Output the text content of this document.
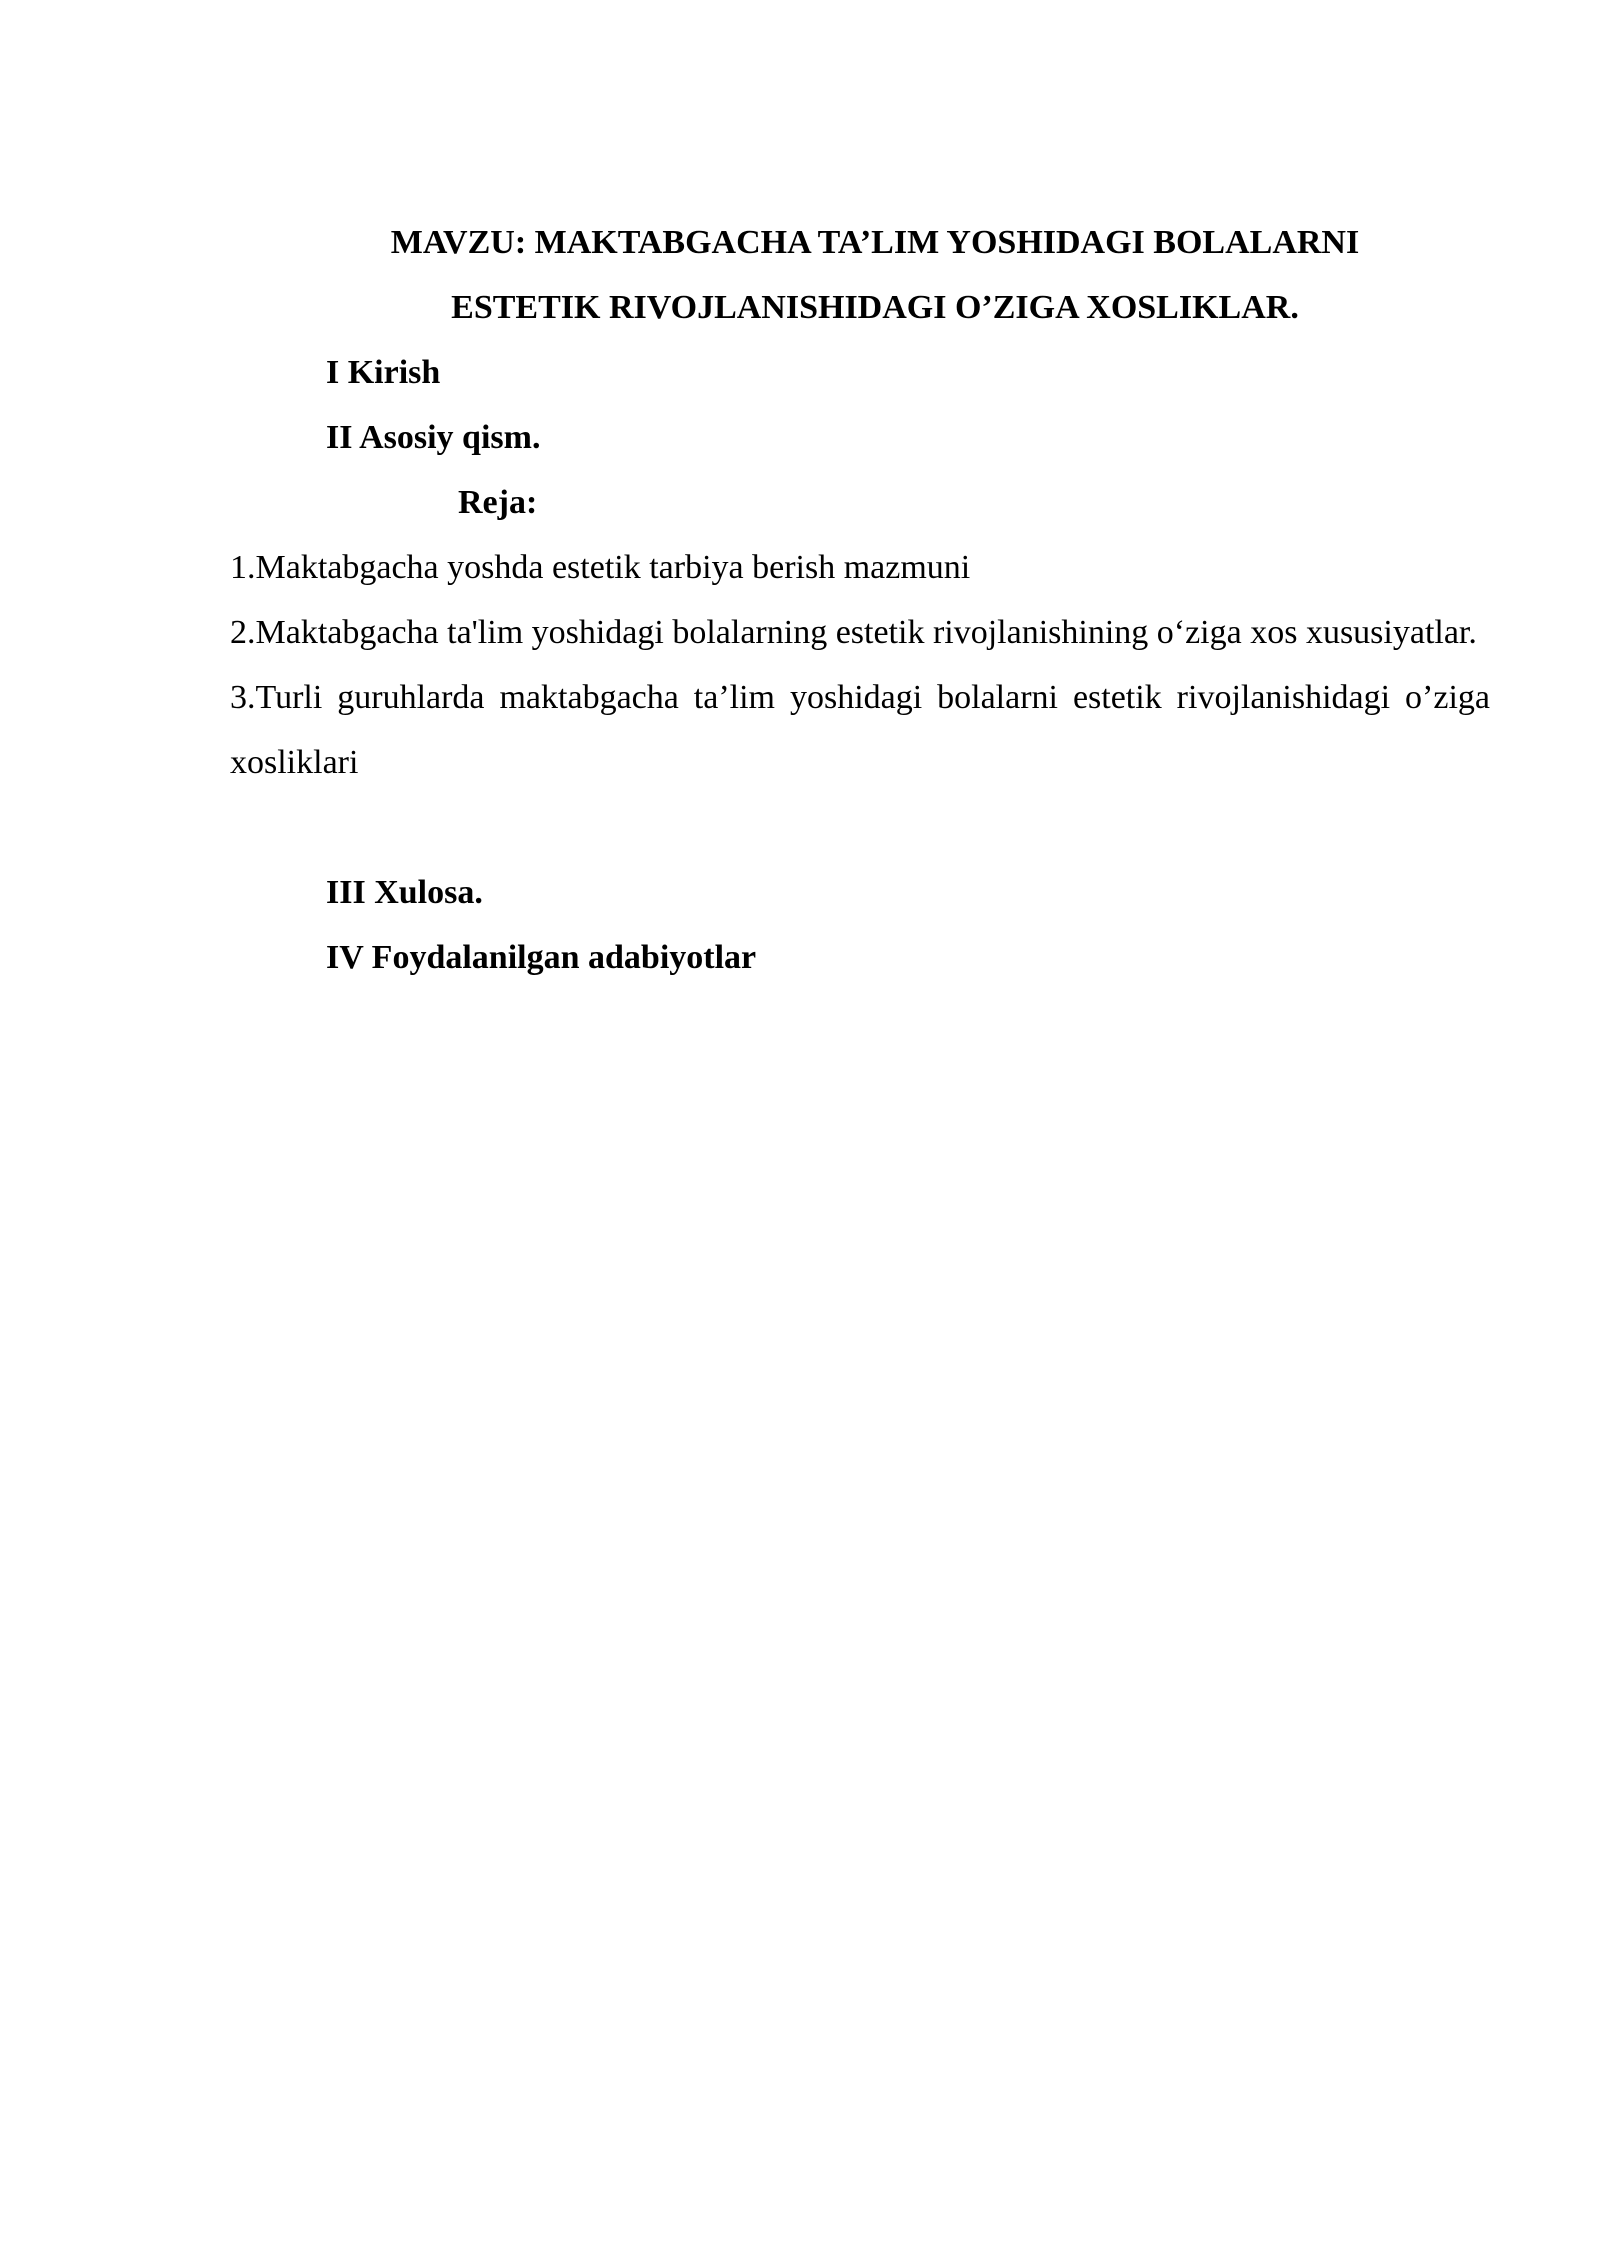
MAVZU: MAKTABGACHA TA’LIM YOSHIDAGI BOLALARNI
ESTETIK RIVOJLANISHIDAGI O’ZIGA XOSLIKLAR.

I Kirish

II Asosiy qism.

Reja:

1.Maktabgacha yoshda estetik tarbiya berish mazmuni
2.Maktabgacha ta'lim yoshidagi bolalarning estetik rivojlanishining o‘ziga xos xususiyatlar.
3.Turli guruhlarda maktabgacha ta’lim yoshidagi bolalarni estetik rivojlanishidagi o’ziga xosliklari

III Xulosa.

IV Foydalanilgan adabiyotlar
